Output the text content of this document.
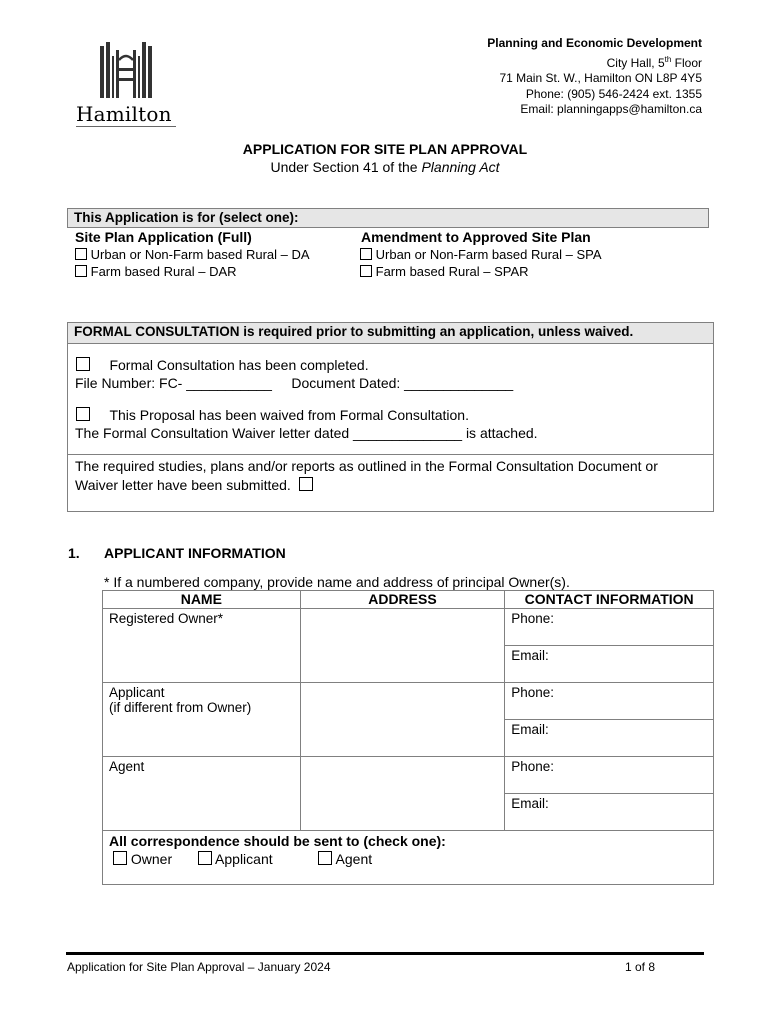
Hamilton
Planning and Economic Development
City Hall, 5th Floor
71 Main St. W., Hamilton ON L8P 4Y5
Phone: (905) 546-2424 ext. 1355
Email: planningapps@hamilton.ca
APPLICATION FOR SITE PLAN APPROVAL
Under Section 41 of the Planning Act
This Application is for (select one):
Site Plan Application (Full)
Urban or Non-Farm based Rural – DA
Farm based Rural – DAR
Amendment to Approved Site Plan
Urban or Non-Farm based Rural – SPA
Farm based Rural – SPAR
FORMAL CONSULTATION is required prior to submitting an application, unless waived.
Formal Consultation has been completed.
File Number: FC- ___________ Document Dated: ______________
This Proposal has been waived from Formal Consultation.
The Formal Consultation Waiver letter dated ______________ is attached.
The required studies, plans and/or reports as outlined in the Formal Consultation Document or
Waiver letter have been submitted.
1. APPLICANT INFORMATION
* If a numbered company, provide name and address of principal Owner(s).
NAME	ADDRESS	CONTACT INFORMATION
Registered Owner*		Phone:
		Email:

Applicant
(if different from Owner)		Phone:
		Email:
Agent		Phone:
		Email:

All correspondence should be sent to (check one):
Owner Applicant Agent		
Application for Site Plan Approval – January 2024	1 of 8
